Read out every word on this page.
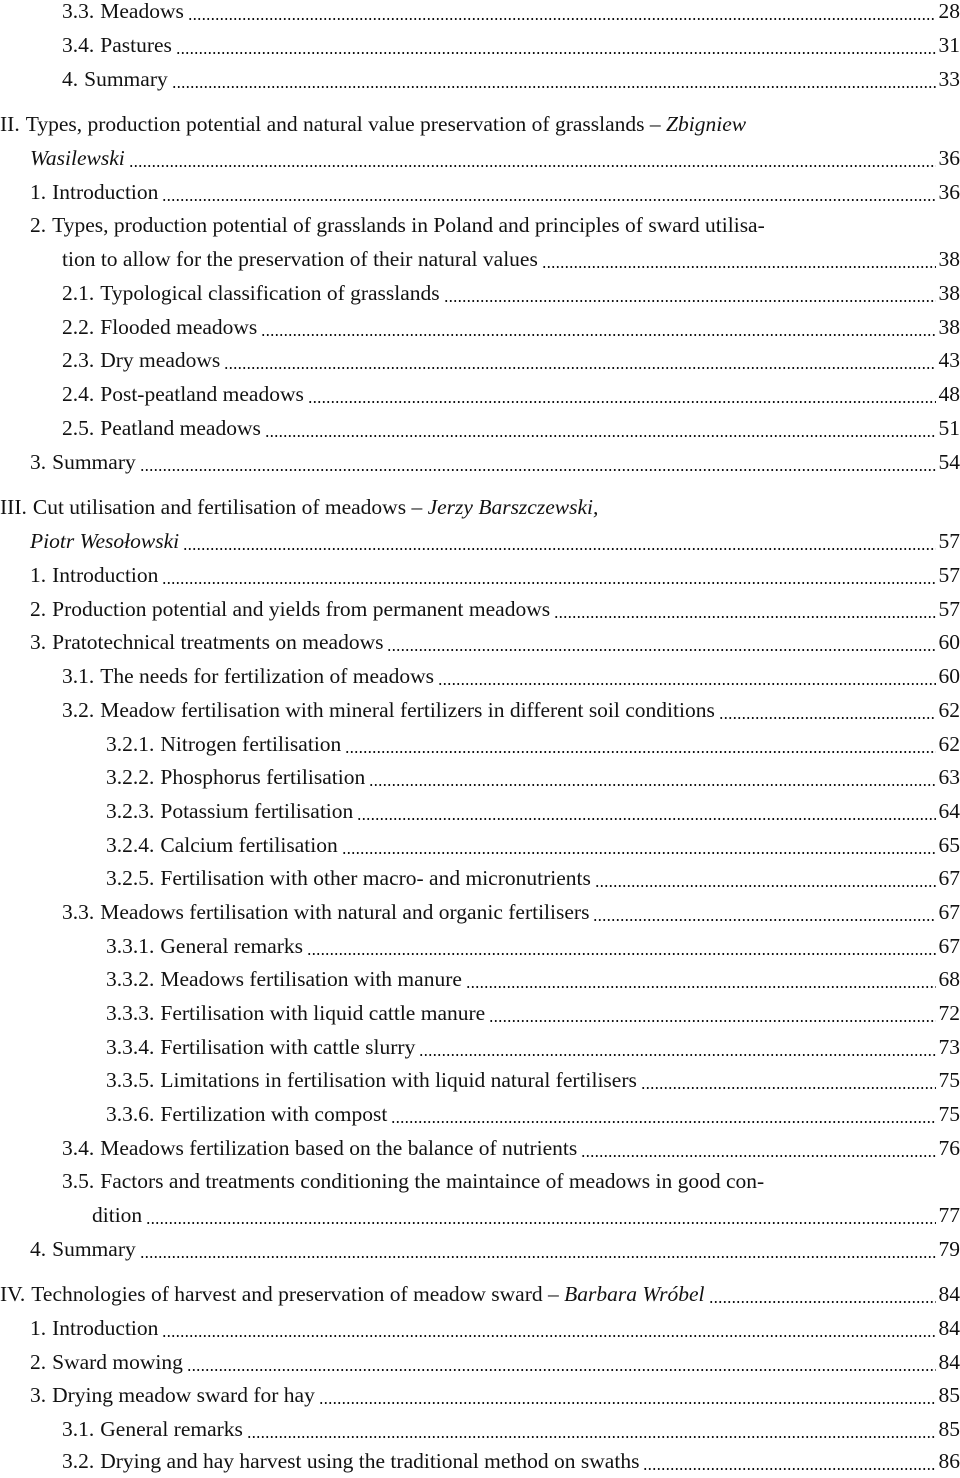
3.3. Meadows	28
3.4. Pastures	31
4. Summary	33
II. Types, production potential and natural value preservation of grasslands – Zbigniew
Wasilewski	36
1. Introduction	36
2. Types, production potential of grasslands in Poland and principles of sward utilisa-
tion to allow for the preservation of their natural values	38
2.1. Typological classification of grasslands	38
2.2. Flooded meadows	38
2.3. Dry meadows	43
2.4. Post-peatland meadows	48
2.5. Peatland meadows	51
3. Summary	54
III. Cut utilisation and fertilisation of meadows – Jerzy Barszczewski,
Piotr Wesołowski	57
1. Introduction	57
2. Production potential and yields from permanent meadows	57
3. Pratotechnical treatments on meadows	60
3.1. The needs for fertilization of meadows	60
3.2. Meadow fertilisation with mineral fertilizers in different soil conditions	62
3.2.1. Nitrogen fertilisation	62
3.2.2. Phosphorus fertilisation	63
3.2.3. Potassium fertilisation	64
3.2.4. Calcium fertilisation	65
3.2.5. Fertilisation with other macro- and micronutrients	67
3.3. Meadows fertilisation with natural and organic fertilisers	67
3.3.1. General remarks	67
3.3.2. Meadows fertilisation with manure	68
3.3.3. Fertilisation with liquid cattle manure	72
3.3.4. Fertilisation with cattle slurry	73
3.3.5. Limitations in fertilisation with liquid natural fertilisers	75
3.3.6. Fertilization with compost	75
3.4. Meadows fertilization based on the balance of nutrients	76
3.5. Factors and treatments conditioning the maintaince of meadows in good con-
dition	77
4. Summary	79
IV. Technologies of harvest and preservation of meadow sward – Barbara Wróbel	84
1. Introduction	84
2. Sward mowing	84
3. Drying meadow sward for hay	85
3.1. General remarks	85
3.2. Drying and hay harvest using the traditional method on swaths	86
